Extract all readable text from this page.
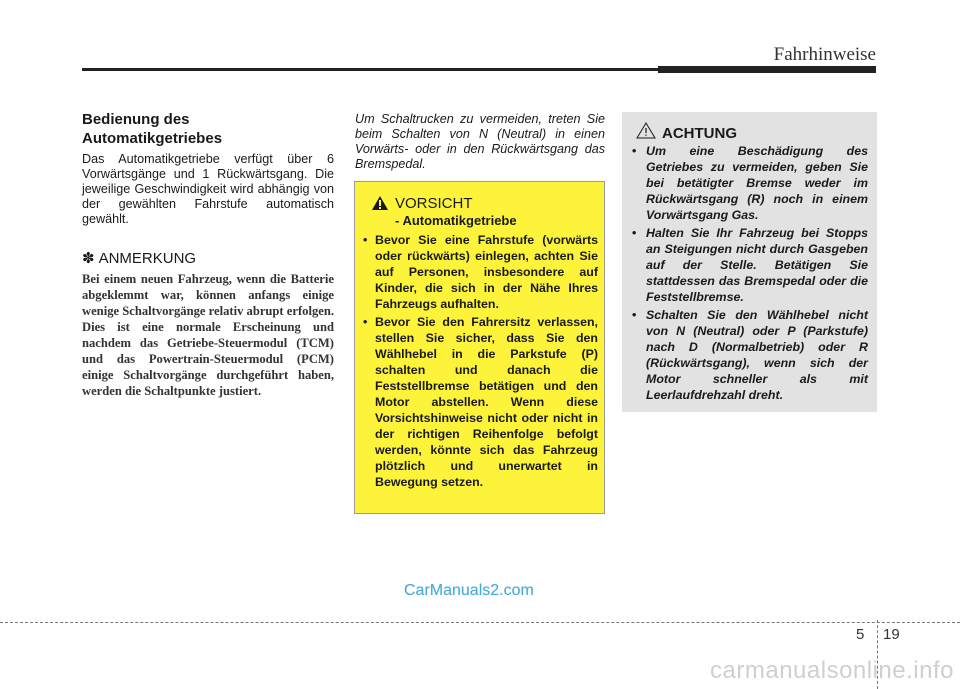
Fahrhinweise
Bedienung des
Automatikgetriebes

Das Automatikgetriebe verfügt über 6 Vorwärtsgänge und 1 Rückwärtsgang. Die jeweilige Geschwindigkeit wird abhängig von der gewählten Fahrstufe automatisch gewählt.

✽ ANMERKUNG

Bei einem neuen Fahrzeug, wenn die Batterie abgeklemmt war, können anfangs einige wenige Schaltvorgänge relativ abrupt erfolgen. Dies ist eine normale Erscheinung und nachdem das Getriebe-Steuermodul (TCM) und das Powertrain-Steuermodul (PCM) einige Schaltvorgänge durchgeführt haben, werden die Schaltpunkte justiert.

Um Schaltrucken zu vermeiden, treten Sie beim Schalten von N (Neutral) in einen Vorwärts- oder in den Rückwärtsgang das Bremspedal.

VORSICHT
- Automatikgetriebe
• Bevor Sie eine Fahrstufe (vorwärts oder rückwärts) einlegen, achten Sie auf Personen, insbesondere auf Kinder, die sich in der Nähe Ihres Fahrzeugs aufhalten.
• Bevor Sie den Fahrersitz verlassen, stellen Sie sicher, dass Sie den Wählhebel in die Parkstufe (P) schalten und danach die Feststellbremse betätigen und den Motor abstellen. Wenn diese Vorsichtshinweise nicht oder nicht in der richtigen Reihenfolge befolgt werden, könnte sich das Fahrzeug plötzlich und unerwartet in Bewegung setzen.
ACHTUNG
• Um eine Beschädigung des Getriebes zu vermeiden, geben Sie bei betätigter Bremse weder im Rückwärtsgang (R) noch in einem Vorwärtsgang Gas.
• Halten Sie Ihr Fahrzeug bei Stopps an Steigungen nicht durch Gasgeben auf der Stelle. Betätigen Sie stattdessen das Bremspedal oder die Feststellbremse.
• Schalten Sie den Wählhebel nicht von N (Neutral) oder P (Parkstufe) nach D (Normalbetrieb) oder R (Rückwärtsgang), wenn sich der Motor schneller als mit Leerlaufdrehzahl dreht.
CarManuals2.com
5 19
carmanualsonline.info
